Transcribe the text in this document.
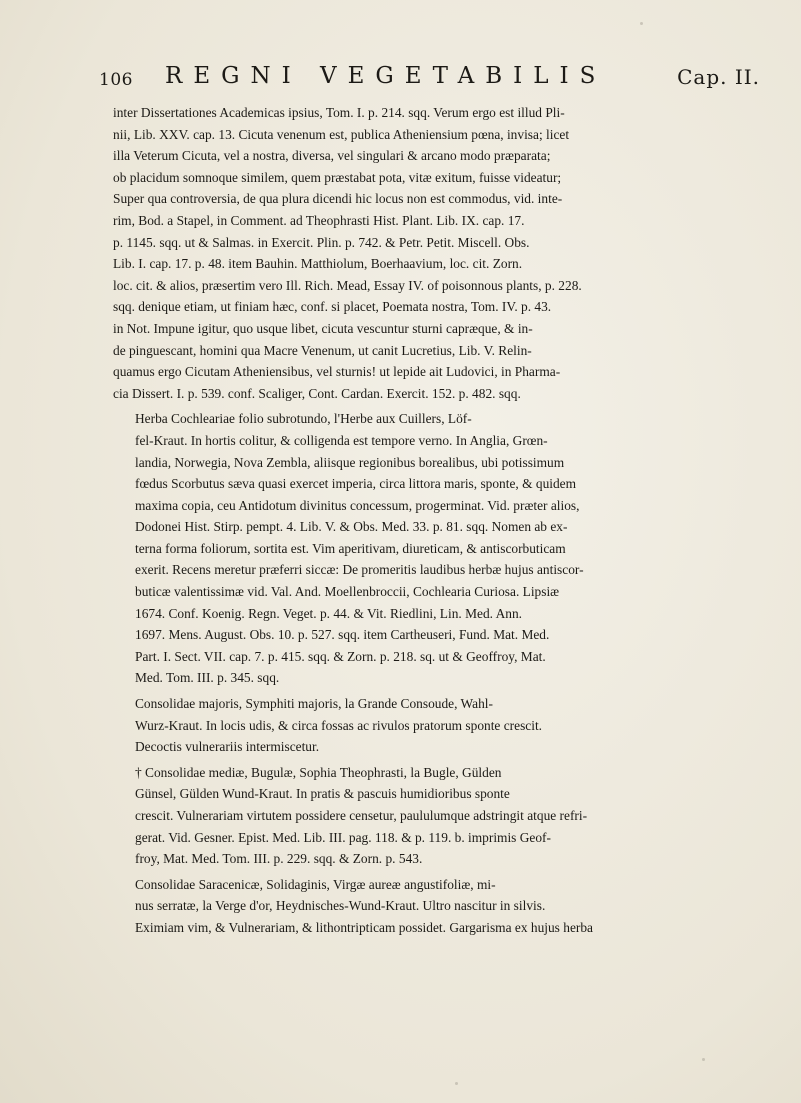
106 REGNI VEGETABILIS	Cap. II.
inter Dissertationes Academicas ipsius, Tom. I. p. 214. sqq. Verum ergo est illud Pli-
nii, Lib. XXV. cap. 13. Cicuta venenum est, publica Atheniensium pœna, invisa; licet
illa Veterum Cicuta, vel a nostra, diversa, vel singulari & arcano modo præparata;
ob placidum somnoque similem, quem præstabat pota, vitæ exitum, fuisse videatur;
Super qua controversia, de qua plura dicendi hic locus non est commodus, vid. inte-
rim, Bod. a Stapel, in Comment. ad Theophrasti Hist. Plant. Lib. IX. cap. 17.
p. 1145. sqq. ut & Salmas. in Exercit. Plin. p. 742. & Petr. Petit. Miscell. Obs.
Lib. I. cap. 17. p. 48. item Bauhin. Matthiolum, Boerhaavium, loc. cit. Zorn.
loc. cit. & alios, præsertim vero Ill. Rich. Mead, Essay IV. of poisonnous plants, p. 228.
sqq. denique etiam, ut finiam hæc, conf. si placet, Poemata nostra, Tom. IV. p. 43.
in Not. Impune igitur, quo usque libet, cicuta vescuntur sturni capræque, & in-
de pinguescant, homini qua Macre Venenum, ut canit Lucretius, Lib. V. Relin-
quamus ergo Cicutam Atheniensibus, vel sturnis! ut lepide ait Ludovici, in Pharma-
cia Dissert. I. p. 539. conf. Scaliger, Cont. Cardan. Exercit. 152. p. 482. sqq.
Herba Cochleariae folio subrotundo, l'Herbe aux Cuillers, Löf-
fel-Kraut. In hortis colitur, & colligenda est tempore verno. In Anglia, Grœn-
landia, Norwegia, Nova Zembla, aliisque regionibus borealibus, ubi potissimum
fœdus Scorbutus sæva quasi exercet imperia, circa littora maris, sponte, & quidem
maxima copia, ceu Antidotum divinitus concessum, progerminat. Vid. præter alios,
Dodonei Hist. Stirp. pempt. 4. Lib. V. & Obs. Med. 33. p. 81. sqq. Nomen ab ex-
terna forma foliorum, sortita est. Vim aperitivam, diureticam, & antiscorbuticam
exerit. Recens meretur præferri siccæ: De promeritis laudibus herbæ hujus antiscor-
buticæ valentissimæ vid. Val. And. Moellenbroccii, Cochlearia Curiosa. Lipsiæ
1674. Conf. Koenig. Regn. Veget. p. 44. & Vit. Riedlini, Lin. Med. Ann.
1697. Mens. August. Obs. 10. p. 527. sqq. item Cartheuseri, Fund. Mat. Med.
Part. I. Sect. VII. cap. 7. p. 415. sqq. & Zorn. p. 218. sq. ut & Geoffroy, Mat.
Med. Tom. III. p. 345. sqq.
Consolidae majoris, Symphiti majoris, la Grande Consoude, Wahl-
Wurz-Kraut. In locis udis, & circa fossas ac rivulos pratorum sponte crescit.
Decoctis vulnerariis intermiscetur.
† Consolidae mediæ, Bugulæ, Sophia Theophrasti, la Bugle, Gülden
Günsel, Gülden Wund-Kraut. In pratis & pascuis humidioribus sponte
crescit. Vulnerariam virtutem possidere censetur, paululumque adstringit atque refri-
gerat. Vid. Gesner. Epist. Med. Lib. III. pag. 118. & p. 119. b. imprimis Geof-
froy, Mat. Med. Tom. III. p. 229. sqq. & Zorn. p. 543.
Consolidae Saracenicæ, Solidaginis, Virgæ aureæ angustifoliæ, mi-
nus serratæ, la Verge d'or, Heydnisches-Wund-Kraut. Ultro nascitur in silvis.
Eximiam vim, & Vulnerariam, & lithontripticam possidet. Gargarisma ex hujus herba
